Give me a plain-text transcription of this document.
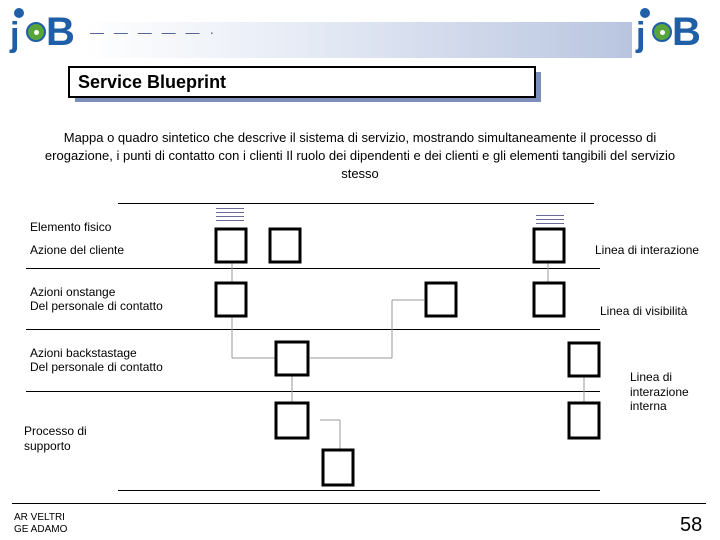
— — — — — ·
j B	j B
Service Blueprint
Mappa o quadro sintetico che descrive il sistema di servizio, mostrando simultaneamente il processo di erogazione, i punti di contatto con i clienti Il ruolo dei dipendenti e dei clienti e gli elementi tangibili del servizio stesso
Elemento fisico
Azione del cliente
Azioni onstange
Del personale di contatto
Azioni backstastage
Del personale di contatto
Processo di
supporto
Linea di interazione
Linea di visibilità
Linea di
interazione
interna
AR VELTRI
GE ADAMO	58
